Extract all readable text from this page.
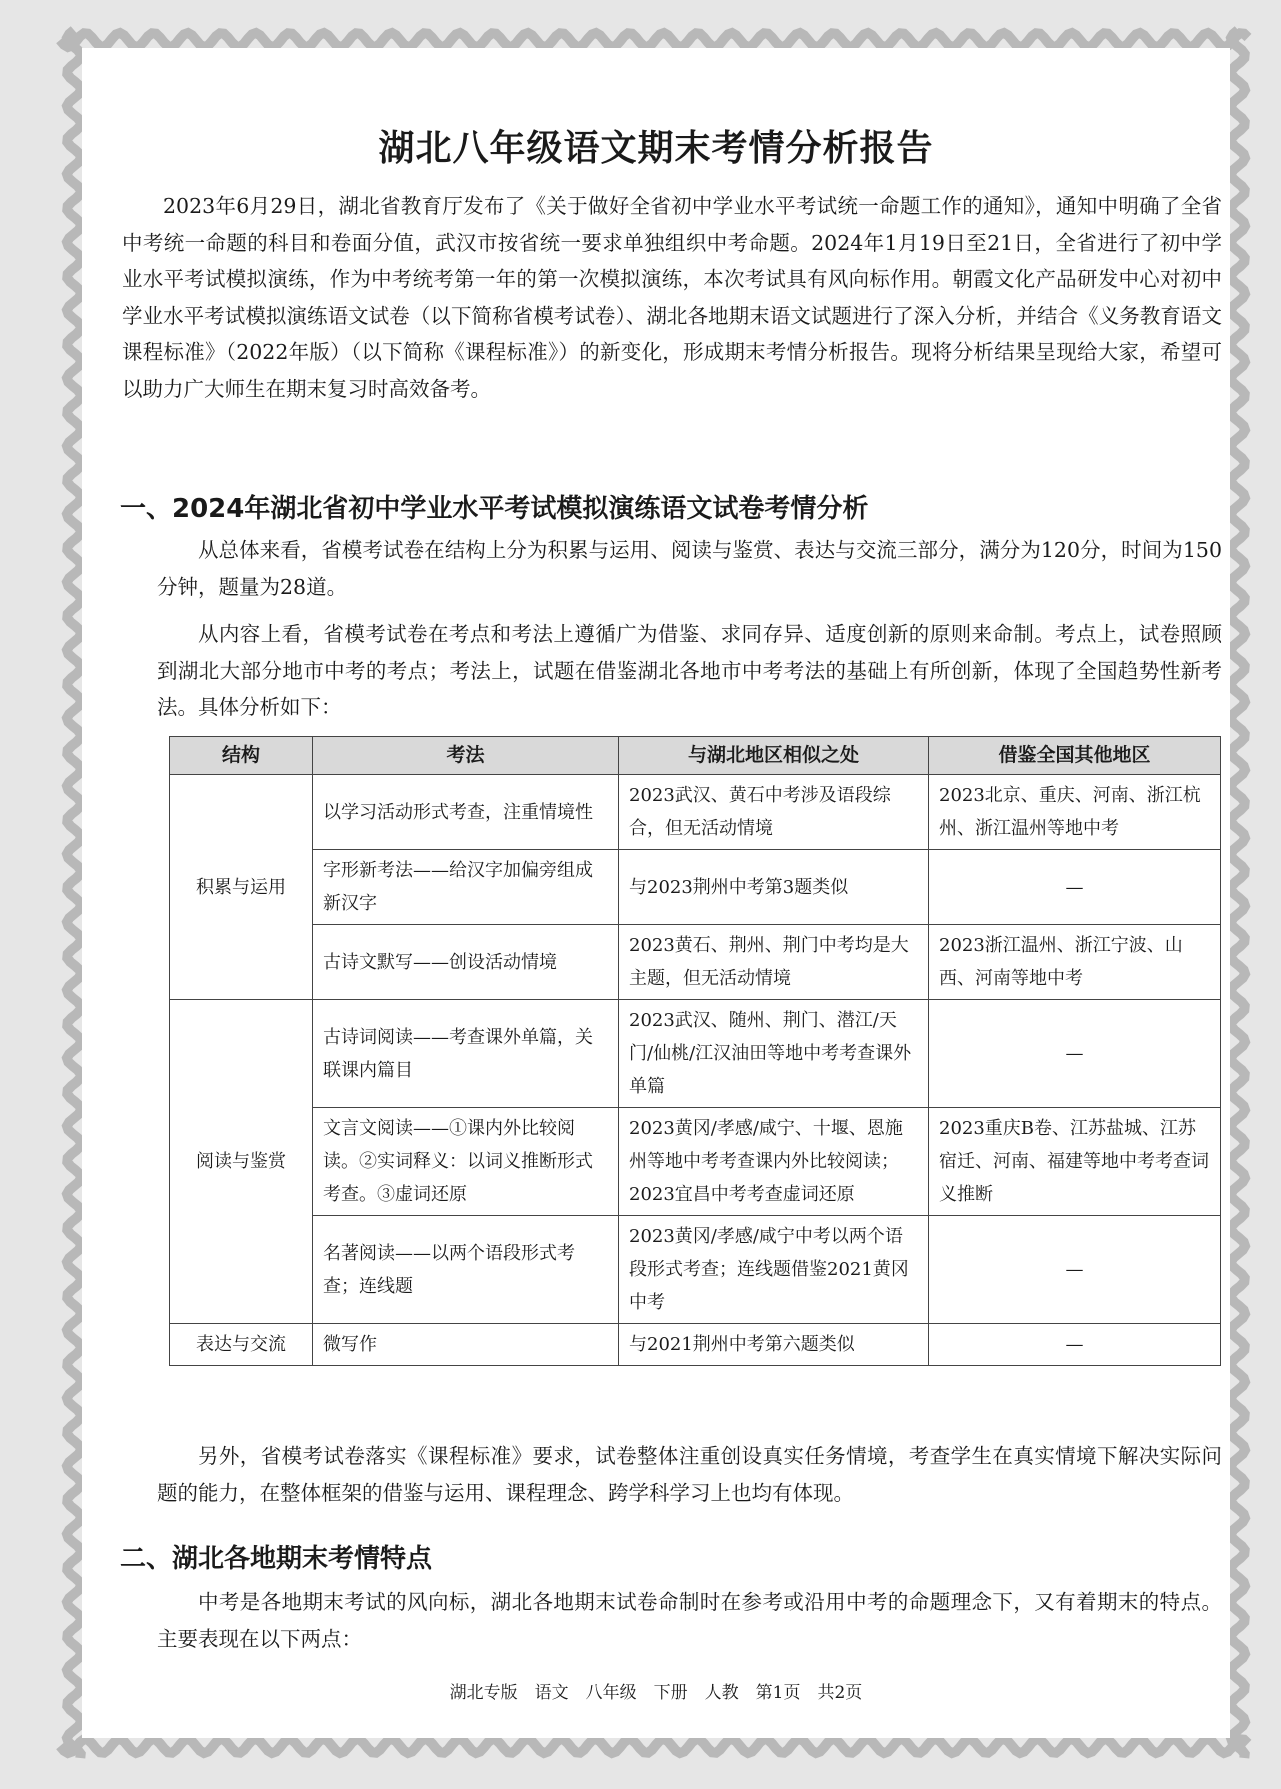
湖北八年级语文期末考情分析报告

2023年6月29日，湖北省教育厅发布了《关于做好全省初中学业水平考试统一命题工作的通知》，通知中明确了全省中考统一命题的科目和卷面分值，武汉市按省统一要求单独组织中考命题。2024年1月19日至21日，全省进行了初中学业水平考试模拟演练，作为中考统考第一年的第一次模拟演练，本次考试具有风向标作用。朝霞文化产品研发中心对初中学业水平考试模拟演练语文试卷（以下简称省模考试卷）、湖北各地期末语文试题进行了深入分析，并结合《义务教育语文课程标准》（2022年版）（以下简称《课程标准》）的新变化，形成期末考情分析报告。现将分析结果呈现给大家，希望可以助力广大师生在期末复习时高效备考。

一、2024年湖北省初中学业水平考试模拟演练语文试卷考情分析

从总体来看，省模考试卷在结构上分为积累与运用、阅读与鉴赏、表达与交流三部分，满分为120分，时间为150分钟，题量为28道。

从内容上看，省模考试卷在考点和考法上遵循广为借鉴、求同存异、适度创新的原则来命制。考点上，试卷照顾到湖北大部分地市中考的考点；考法上，试题在借鉴湖北各地市中考考法的基础上有所创新，体现了全国趋势性新考法。具体分析如下：

结构	考法	与湖北地区相似之处	借鉴全国其他地区
积累与运用	以学习活动形式考查，注重情境性	2023武汉、黄石中考涉及语段综合，但无活动情境	2023北京、重庆、河南、浙江杭州、浙江温州等地中考
	字形新考法——给汉字加偏旁组成新汉字	与2023荆州中考第3题类似	—
	古诗文默写——创设活动情境	2023黄石、荆州、荆门中考均是大主题，但无活动情境	2023浙江温州、浙江宁波、山西、河南等地中考
阅读与鉴赏	古诗词阅读——考查课外单篇，关联课内篇目	2023武汉、随州、荆门、潜江/天门/仙桃/江汉油田等地中考考查课外单篇	—
	文言文阅读——①课内外比较阅读。②实词释义：以词义推断形式考查。③虚词还原	2023黄冈/孝感/咸宁、十堰、恩施州等地中考考查课内外比较阅读；2023宜昌中考考查虚词还原	2023重庆B卷、江苏盐城、江苏宿迁、河南、福建等地中考考查词义推断
	名著阅读——以两个语段形式考查；连线题	2023黄冈/孝感/咸宁中考以两个语段形式考查；连线题借鉴2021黄冈中考	—
表达与交流	微写作	与2021荆州中考第六题类似	—

另外，省模考试卷落实《课程标准》要求，试卷整体注重创设真实任务情境，考查学生在真实情境下解决实际问题的能力，在整体框架的借鉴与运用、课程理念、跨学科学习上也均有体现。

二、湖北各地期末考情特点

中考是各地期末考试的风向标，湖北各地期末试卷命制时在参考或沿用中考的命题理念下，又有着期末的特点。主要表现在以下两点：

湖北专版　语文　八年级　下册　人教　第1页　共2页
